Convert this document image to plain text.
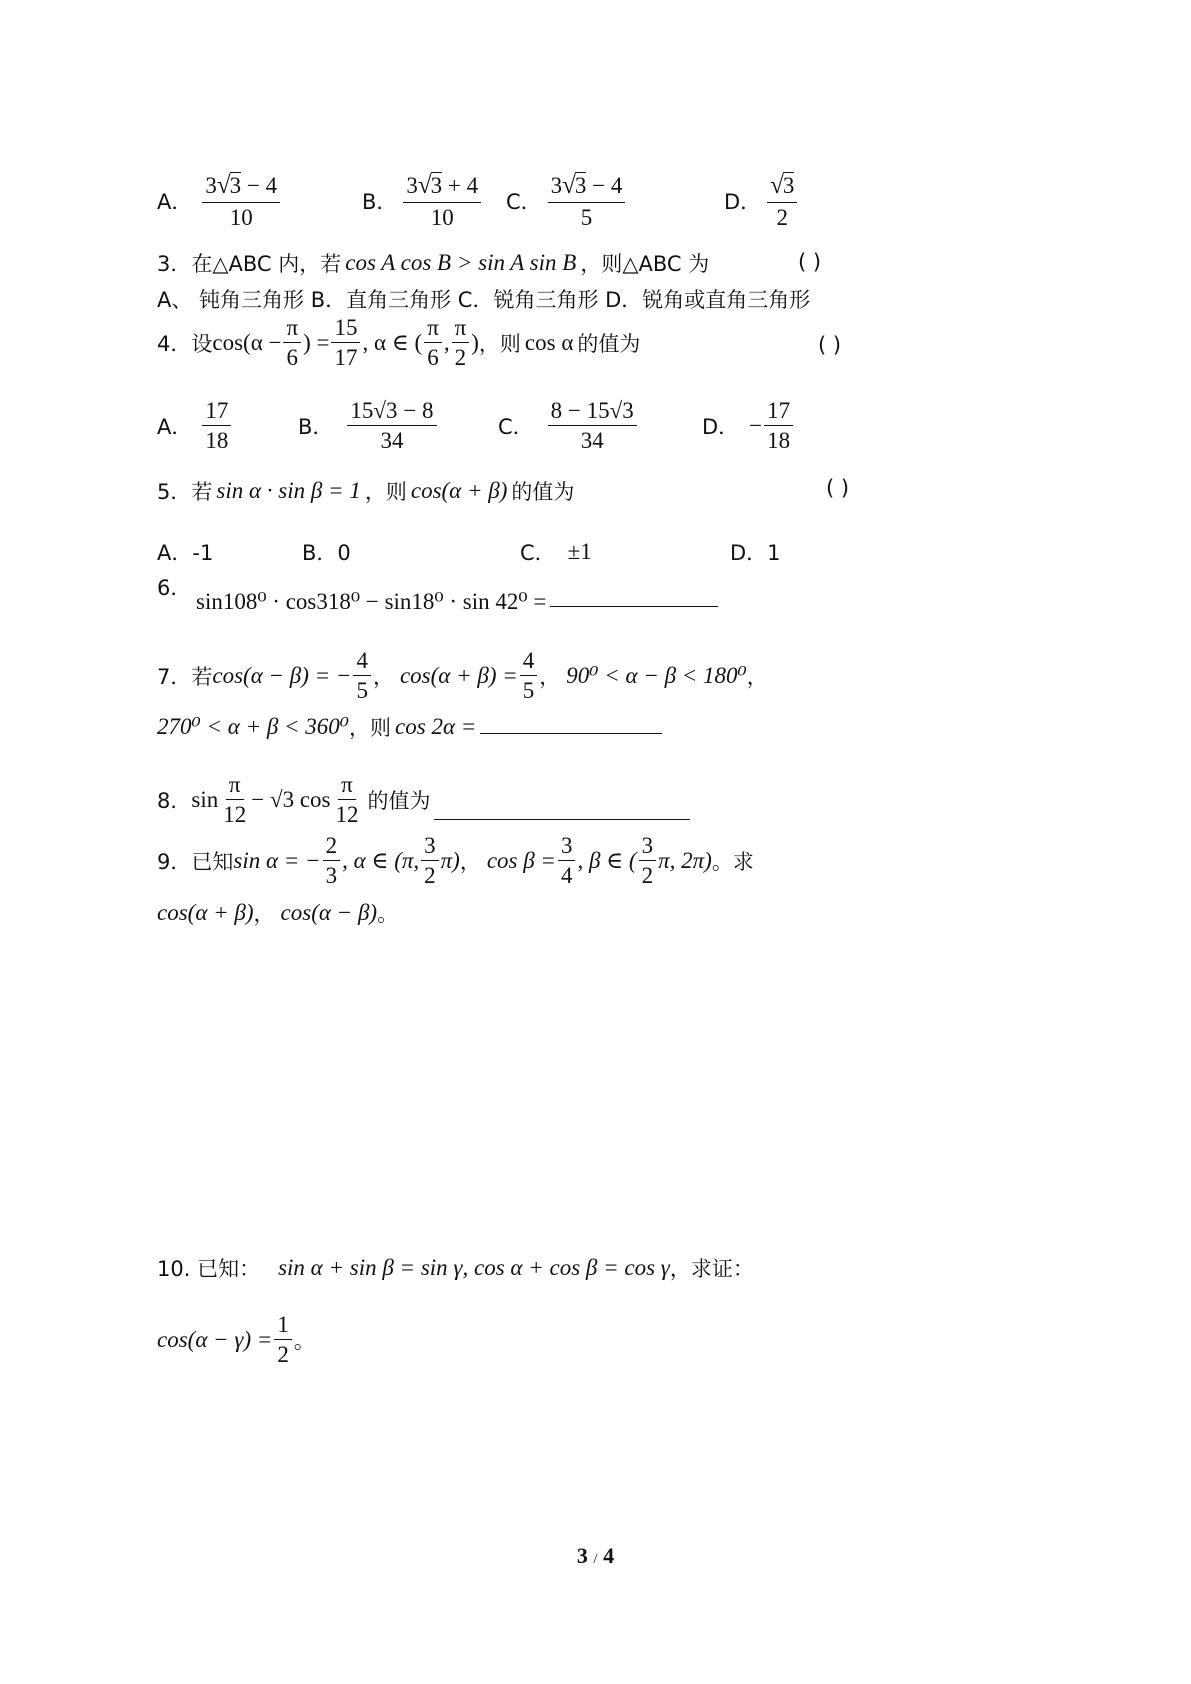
A． $\frac{3√3 - 4}{10}$	B． $\frac{3√3 + 4}{10}$ C． $\frac{3√3 - 4}{5}$	D． $\frac{√3}{2}$
3．在△ABC 内，若 cos A cos B > sin A sin B ，则△ABC 为	( )
A、 钝角三角形 B．直角三角形 C．锐角三角形 D．锐角或直角三角形
4．设 $\cos(\alpha - \frac{\pi}{6}$ ) = $\frac{15}{17}$ , α ∈ ( $\frac{\pi}{6}$ , $\frac{\pi}{2}$ ) ，则 cos α 的值为	( )
A． $\frac{17}{18}$	B． $\frac{15√3 - 8}{34}$	C． $\frac{8 - 15√3}{34}$	D． − $\frac{17}{18}$
5．若 sin α · sin β = 1 ，则 cos(α + β) 的值为	( )
A．-1	B．0	C． ±1	D．1
6．
sin108⁰ · cos318⁰ − sin18⁰ · sin 42⁰ =
7．若 cos(α − β) = − $\frac{4}{5}$ ， $\cos(\alpha + \beta) = \frac{4}{5}$ ， 90⁰ < α − β < 180⁰ ，
270⁰ < α + β < 360⁰ ，则 cos 2α =
8． $\sin \frac{\pi}{12} - √3$ $\cos \frac{\pi}{12}$ 的值为
9．已知 sin α = − $\frac{2}{3}$ , α ∈ (π, $\frac{3}{2} \pi$) ， $\cos \beta = \frac{3}{4}$ , β ∈ ( $\frac{3}{2} \pi$, 2π) 。求
cos(α + β) ， cos(α − β) 。
10. 已知： sin α + sin β = sin γ, cos α + cos β = cos γ ，求证：
$\cos(\alpha - \gamma) = \frac{1}{2}$ 。
3 / 4
